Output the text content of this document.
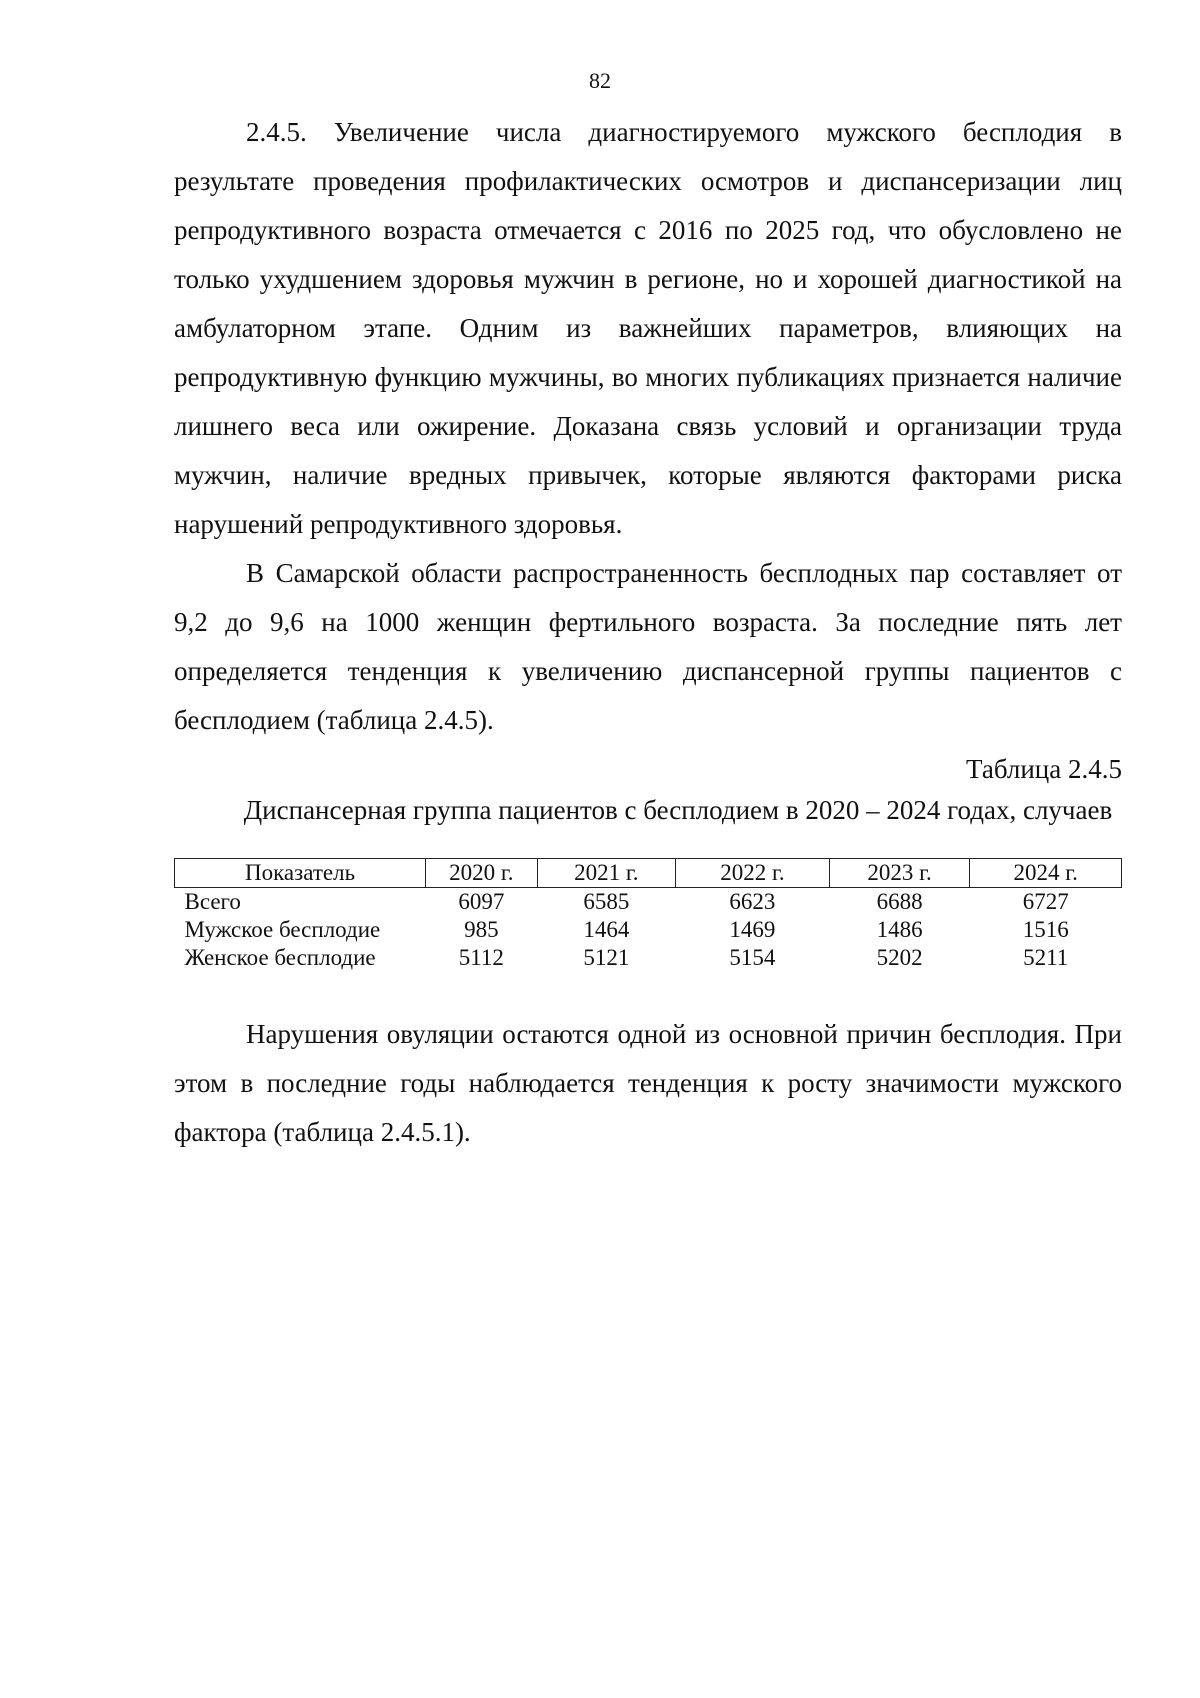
82

2.4.5. Увеличение числа диагностируемого мужского бесплодия в результате проведения профилактических осмотров и диспансеризации лиц репродуктивного возраста отмечается с 2016 по 2025 год, что обусловлено не только ухудшением здоровья мужчин в регионе, но и хорошей диагностикой на амбулаторном этапе. Одним из важнейших параметров, влияющих на репродуктивную функцию мужчины, во многих публикациях признается наличие лишнего веса или ожирение. Доказана связь условий и организации труда мужчин, наличие вредных привычек, которые являются факторами риска нарушений репродуктивного здоровья.

В Самарской области распространенность бесплодных пар составляет от 9,2 до 9,6 на 1000 женщин фертильного возраста. За последние пять лет определяется тенденция к увеличению диспансерной группы пациентов с бесплодием (таблица 2.4.5).

Таблица 2.4.5

Диспансерная группа пациентов с бесплодием в 2020 – 2024 годах, случаев

Показатель	2020 г.	2021 г.	2022 г.	2023 г.	2024 г.
Всего	6097	6585	6623	6688	6727
Мужское бесплодие	985	1464	1469	1486	1516
Женское бесплодие	5112	5121	5154	5202	5211

Нарушения овуляции остаются одной из основной причин бесплодия. При этом в последние годы наблюдается тенденция к росту значимости мужского фактора (таблица 2.4.5.1).
